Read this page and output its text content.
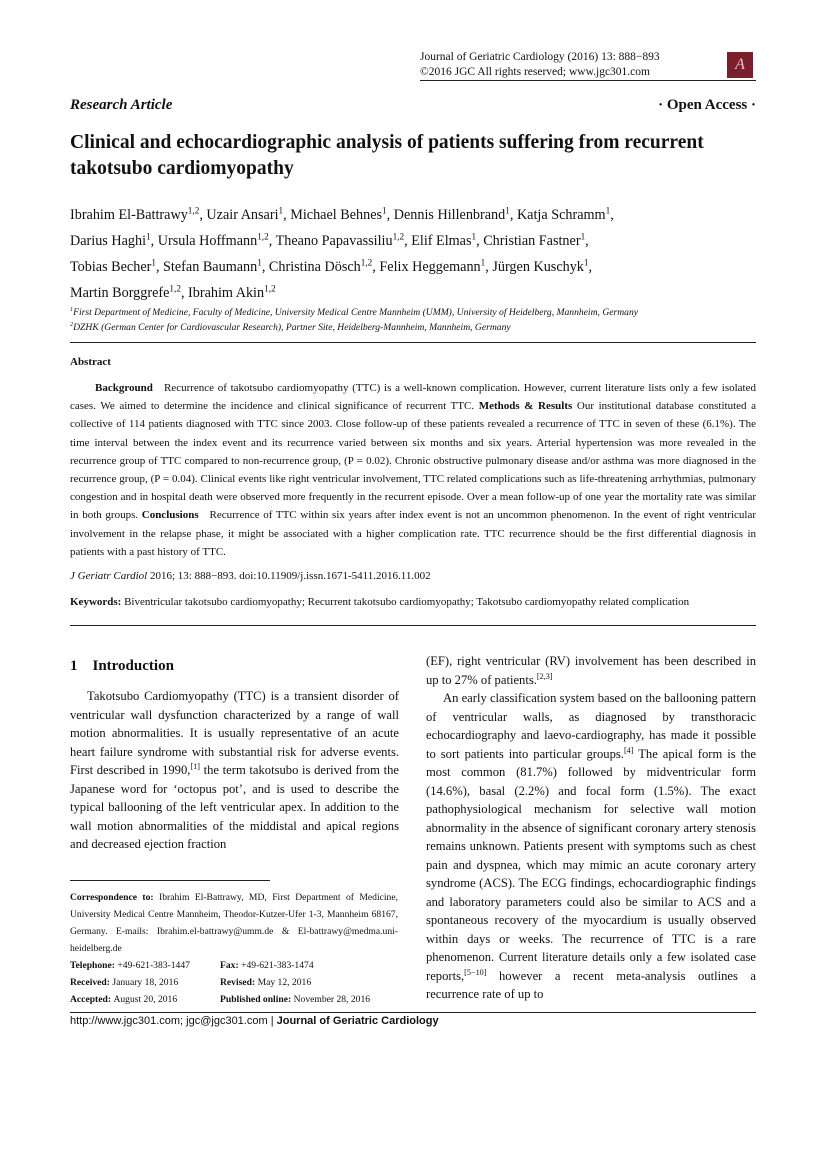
Journal of Geriatric Cardiology (2016) 13: 888−893
©2016 JGC All rights reserved; www.jgc301.com	A
Research Article	· Open Access ·
Clinical and echocardiographic analysis of patients suffering from recurrent takotsubo cardiomyopathy
Ibrahim El-Battrawy$^{1,2}$, Uzair Ansari$^1$, Michael Behnes$^1$, Dennis Hillenbrand$^1$, Katja Schramm$^1$,
Darius Haghi$^1$, Ursula Hoffmann$^{1,2}$, Theano Papavassiliu$^{1,2}$, Elif Elmas$^1$, Christian Fastner$^1$,
Tobias Becher$^1$, Stefan Baumann$^1$, Christina Dösch$^{1,2}$, Felix Heggemann$^1$, Jürgen Kuschyk$^1$,
Martin Borggrefe$^{1,2}$, Ibrahim Akin$^{1,2}$
$^1$First Department of Medicine, Faculty of Medicine, University Medical Centre Mannheim (UMM), University of Heidelberg, Mannheim, Germany
$^2$DZHK (German Center for Cardiovascular Research), Partner Site, Heidelberg-Mannheim, Mannheim, Germany
Abstract
Background Recurrence of takotsubo cardiomyopathy (TTC) is a well-known complication. However, current literature lists only a few isolated cases. We aimed to determine the incidence and clinical significance of recurrent TTC. Methods & Results Our institutional database constituted a collective of 114 patients diagnosed with TTC since 2003. Close follow-up of these patients revealed a recurrence of TTC in seven of these (6.1%). The time interval between the index event and its recurrence varied between six months and six years. Arterial hypertension was more revealed in the recurrence group of TTC compared to non-recurrence group, (P = 0.02). Chronic obstructive pulmonary disease and/or asthma was more diagnosed in the recurrence group, (P = 0.04). Clinical events like right ventricular involvement, TTC related complications such as life-threatening arrhythmias, pulmonary congestion and in hospital death were observed more frequently in the recurrent episode. Over a mean follow-up of one year the mortality rate was similar in both groups. Conclusions Recurrence of TTC within six years after index event is not an uncommon phenomenon. In the event of right ventricular involvement in the relapse phase, it might be associated with a higher complication rate. TTC recurrence should be the first differential diagnosis in patients with a past history of TTC.
J Geriatr Cardiol 2016; 13: 888−893. doi:10.11909/j.issn.1671-5411.2016.11.002
Keywords: Biventricular takotsubo cardiomyopathy; Recurrent takotsubo cardiomyopathy; Takotsubo cardiomyopathy related complication
1    Introduction

Takotsubo Cardiomyopathy (TTC) is a transient disorder of ventricular wall dysfunction characterized by a range of wall motion abnormalities. It is usually representative of an acute heart failure syndrome with substantial risk for adverse events. First described in 1990,[1] the term takotsubo is derived from the Japanese word for ‘octopus pot’, and is used to describe the typical ballooning of the left ventricular apex. In addition to the wall motion abnormalities of the middistal and apical regions and decreased ejection fraction

Correspondence to: Ibrahim El-Battrawy, MD, First Department of Medicine, University Medical Centre Mannheim, Theodor-Kutzer-Ufer 1-3, Mannheim 68167, Germany. E-mails: Ibrahim.el-battrawy@umm.de & El-battrawy@medma.uni-heidelberg.de
Telephone: +49-621-383-1447	Fax: +49-621-383-1474
Received: January 18, 2016	Revised: May 12, 2016
Accepted: August 20, 2016	Published online: November 28, 2016

(EF), right ventricular (RV) involvement has been described in up to 27% of patients.[2,3]

An early classification system based on the ballooning pattern of ventricular walls, as diagnosed by transthoracic echocardiography and laevo-cardiography, has made it possible to sort patients into particular groups.[4] The apical form is the most common (81.7%) followed by midventricular form (14.6%), basal (2.2%) and focal form (1.5%). The exact pathophysiological mechanism for selective wall motion abnormality in the absence of significant coronary artery stenosis remains unknown. Patients present with symptoms such as chest pain and dyspnea, which may mimic an acute coronary artery syndrome (ACS). The ECG findings, echocardiographic findings and laboratory parameters could also be similar to ACS and a spontaneous recovery of the myocardium is usually observed within days or weeks. The recurrence of TTC is a rare phenomenon. Current literature details only a few isolated case reports,[5−10] however a recent meta-analysis outlines a recurrence rate of up to

http://www.jgc301.com; jgc@jgc301.com | Journal of Geriatric Cardiology
